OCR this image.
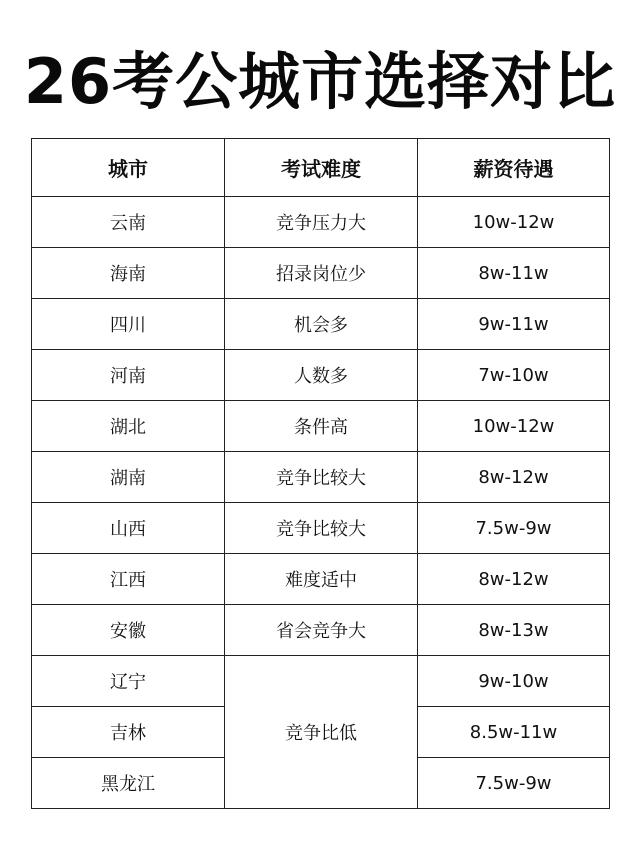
26考公城市选择对比
城市	考试难度	薪资待遇
云南	竞争压力大	10w-12w
海南	招录岗位少	8w-11w
四川	机会多	9w-11w
河南	人数多	7w-10w
湖北	条件高	10w-12w
湖南	竞争比较大	8w-12w
山西	竞争比较大	7.5w-9w
江西	难度适中	8w-12w
安徽	省会竞争大	8w-13w
辽宁	竞争比低	9w-10w
吉林		8.5w-11w
黑龙江		7.5w-9w
